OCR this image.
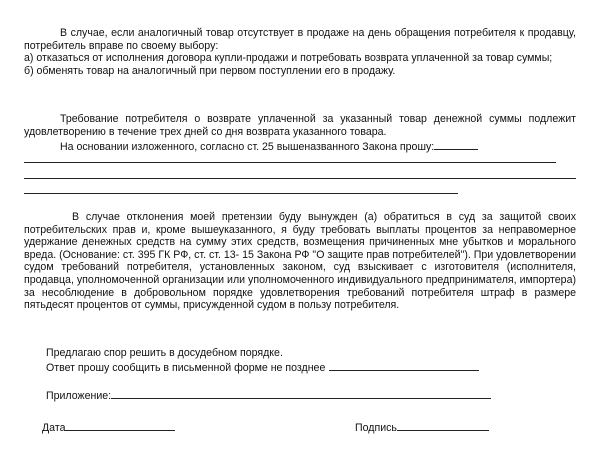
В случае, если аналогичный товар отсутствует в продаже на день обращения потребителя к продавцу, потребитель вправе по своему выбору:
а) отказаться от исполнения договора купли-продажи и потребовать возврата уплаченной за товар суммы;
б) обменять товар на аналогичный при первом поступлении его в продажу.
Требование потребителя о возврате уплаченной за указанный товар денежной суммы подлежит удовлетворению в течение трех дней со дня возврата указанного товара.
На основании изложенного, согласно ст. 25 вышеназванного Закона прошу:
В случае отклонения моей претензии буду вынужден (а) обратиться в суд за защитой своих потребительских прав и, кроме вышеуказанного, я буду требовать выплаты процентов за неправомерное удержание денежных средств на сумму этих средств, возмещения причиненных мне убытков и морального вреда. (Основание: ст. 395 ГК РФ, ст. ст. 13- 15 Закона РФ "О защите прав потребителей"). При удовлетворении судом требований потребителя, установленных законом, суд взыскивает с изготовителя (исполнителя, продавца, уполномоченной организации или уполномоченного индивидуального предпринимателя, импортера) за несоблюдение в добровольном порядке удовлетворения требований потребителя штраф в размере пятьдесят процентов от суммы, присужденной судом в пользу потребителя.
Предлагаю спор решить в досудебном порядке.
Ответ прошу сообщить в письменной форме не позднее
Приложение:
Дата	Подпись
